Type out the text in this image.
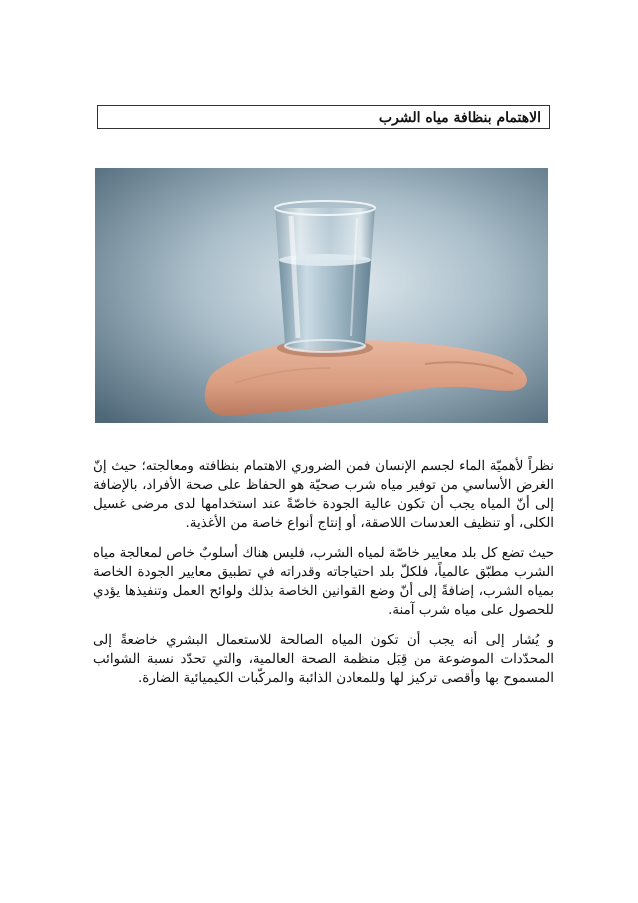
الاهتمام بنظافة مياه الشرب

نظراً لأهميّة الماء لجسم الإنسان فمن الضروري الاهتمام بنظافته ومعالجته؛ حيث إنّ الغرض الأساسي من توفير مياه شرب صحيّة هو الحفاظ على صحة الأفراد، بالإضافة إلى أنّ المياه يجب أن تكون عالية الجودة خاصّةً عند استخدامها لدى مرضى غسيل الكلى، أو تنظيف العدسات اللاصقة، أو إنتاج أنواع خاصة من الأغذية.

حيث تضع كل بلد معايير خاصّة لمياه الشرب، فليس هناك أسلوبٌ خاص لمعالجة مياه الشرب مطبّق عالمياً، فلكلّ بلد احتياجاته وقدراته في تطبيق معايير الجودة الخاصة بمياه الشرب، إضافةً إلى أنّ وضع القوانين الخاصة بذلك ولوائح العمل وتنفيذها يؤدي للحصول على مياه شرب آمنة.

و يُشار إلى أنه يجب أن تكون المياه الصالحة للاستعمال البشري خاضعةً إلى المحدّدات الموضوعة من قِبَل منظمة الصحة العالمية، والتي تحدّد نسبة الشوائب المسموح بها وأقصى تركيز لها وللمعادن الذائبة والمركّبات الكيميائية الضارة.
